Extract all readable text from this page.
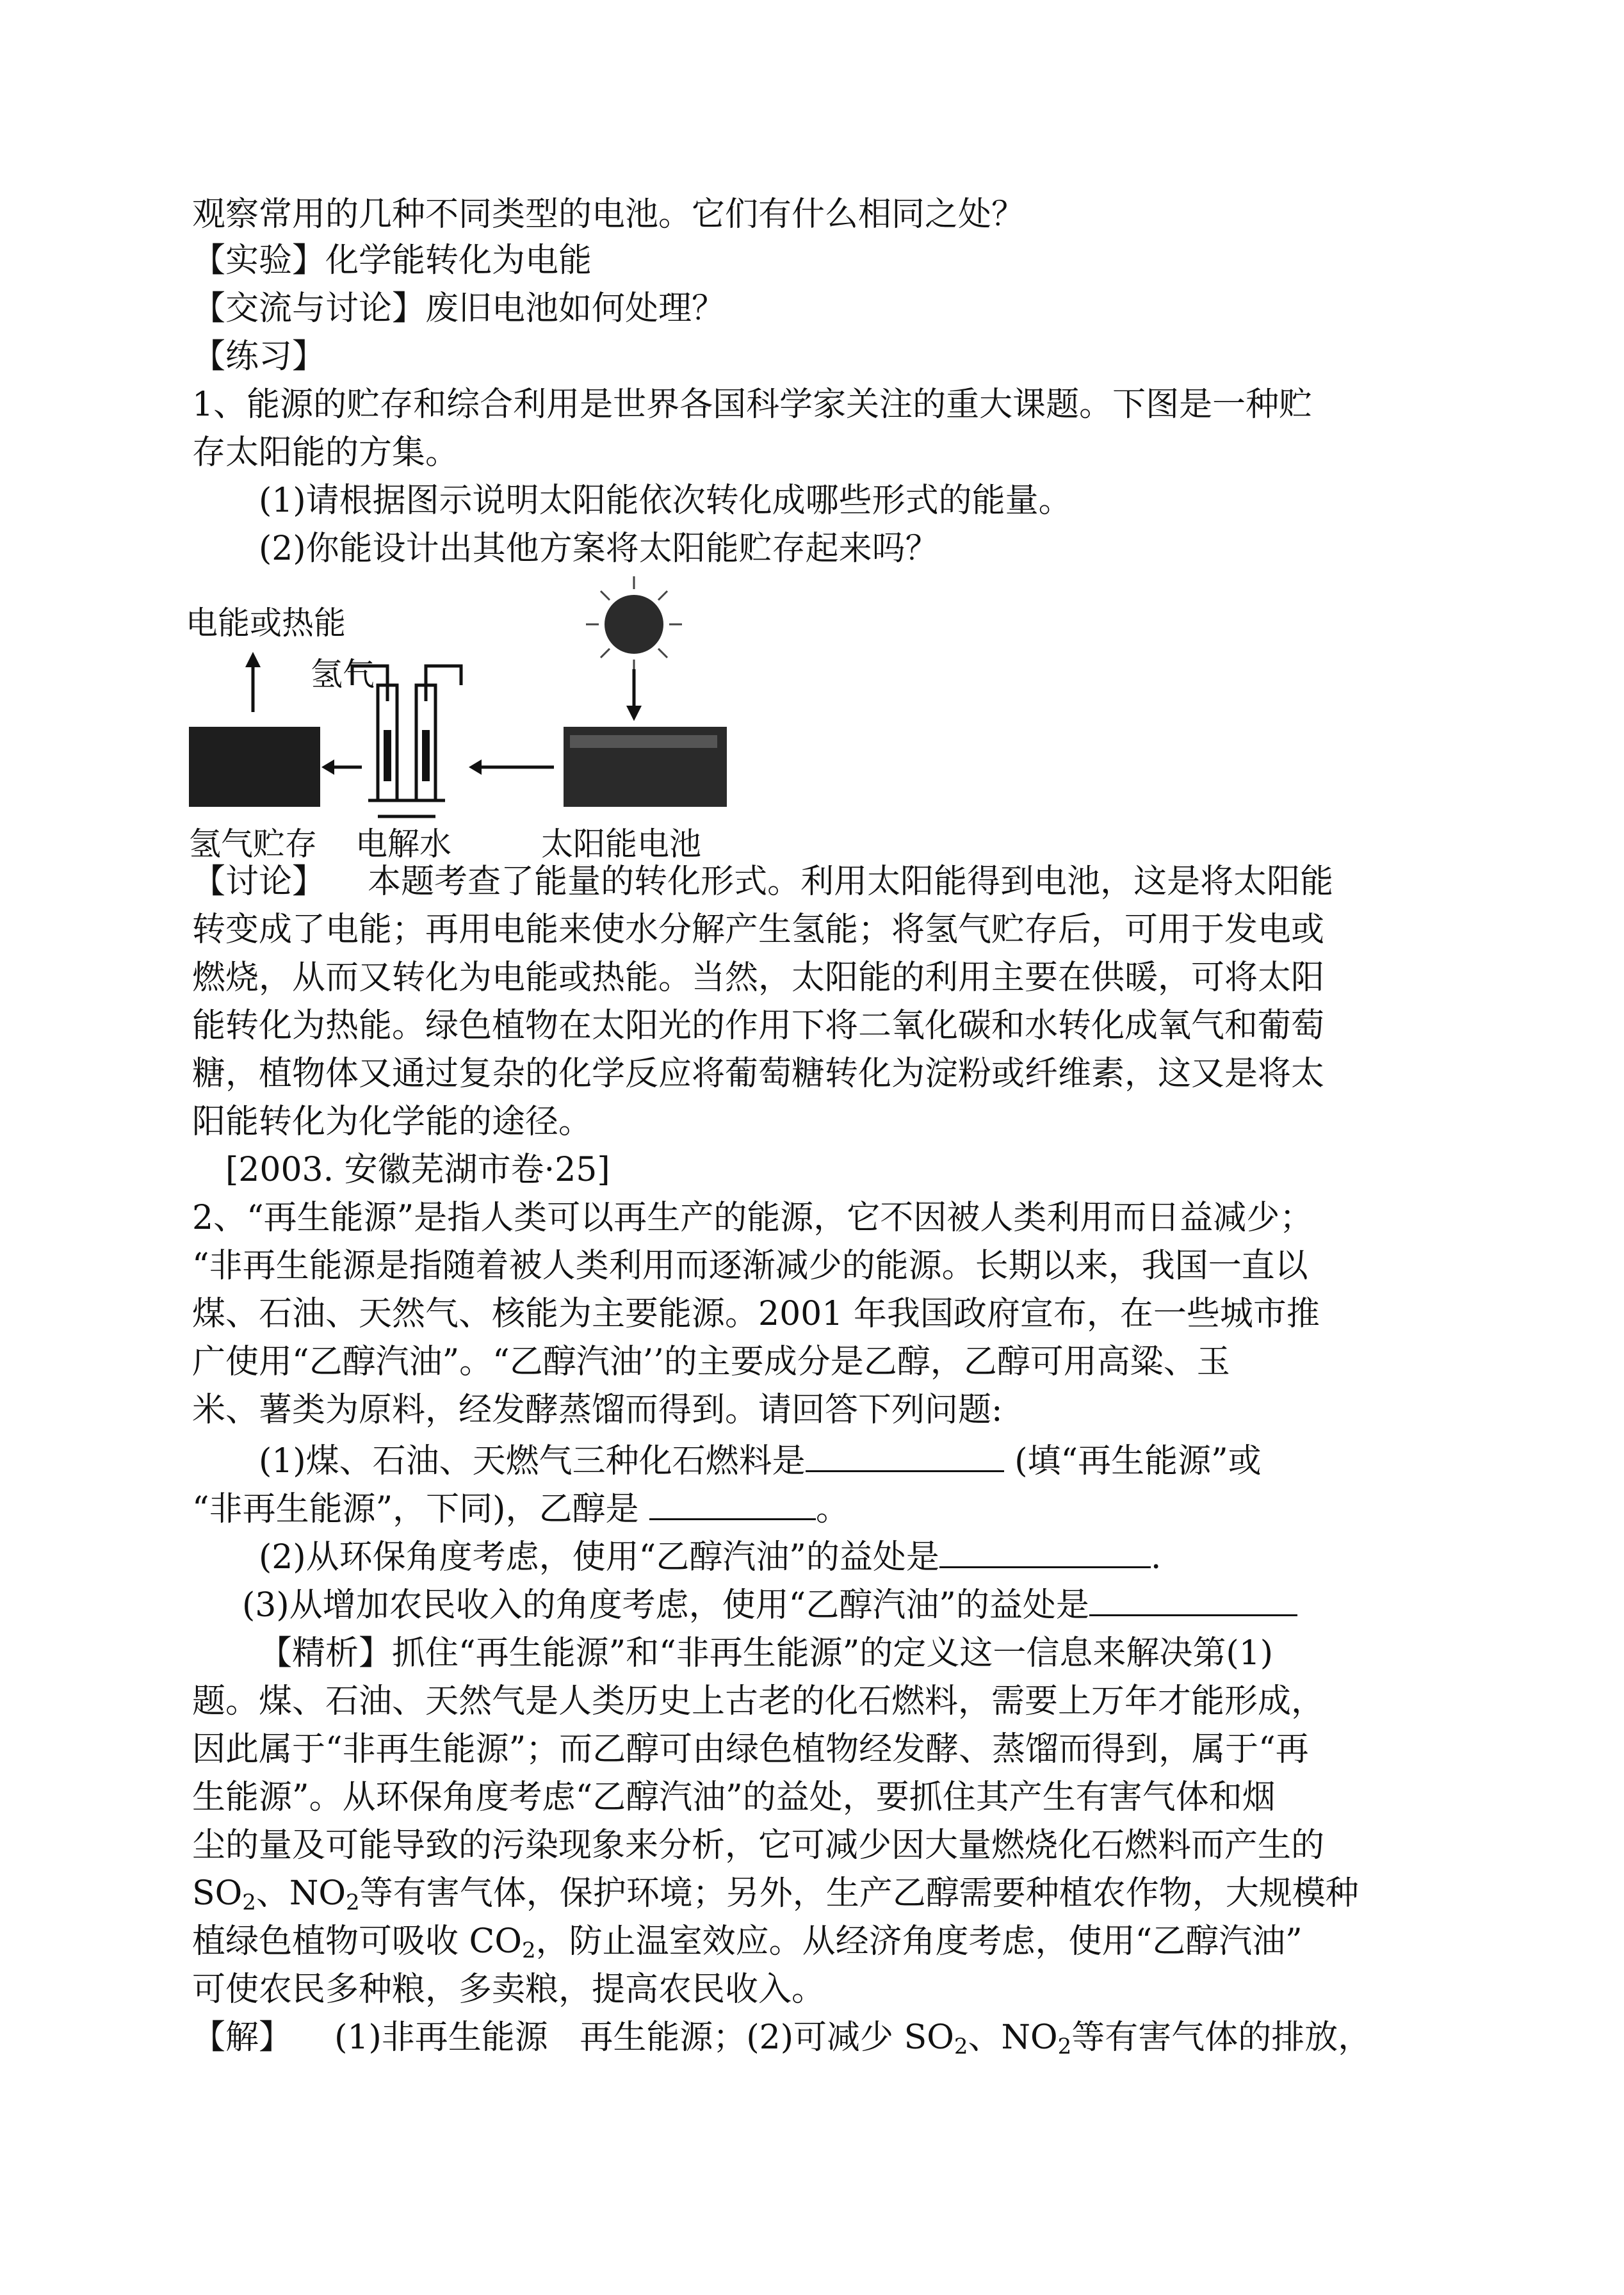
观察常用的几种不同类型的电池。它们有什么相同之处？
【实验】化学能转化为电能
【交流与讨论】废旧电池如何处理？
【练习】
1、能源的贮存和综合利用是世界各国科学家关注的重大课题。下图是一种贮
存太阳能的方集。
(1)请根据图示说明太阳能依次转化成哪些形式的能量。
(2)你能设计出其他方案将太阳能贮存起来吗？
电能或热能
氢气
氢气贮存 电解水	太阳能电池
【讨论】 本题考查了能量的转化形式。利用太阳能得到电池，这是将太阳能
转变成了电能；再用电能来使水分解产生氢能；将氢气贮存后，可用于发电或
燃烧，从而又转化为电能或热能。当然，太阳能的利用主要在供暖，可将太阳
能转化为热能。绿色植物在太阳光的作用下将二氧化碳和水转化成氧气和葡萄
糖，植物体又通过复杂的化学反应将葡萄糖转化为淀粉或纤维素，这又是将太
阳能转化为化学能的途径。
[2003. 安徽芜湖市卷·25]
2、“再生能源”是指人类可以再生产的能源，它不因被人类利用而日益减少；
“非再生能源是指随着被人类利用而逐渐减少的能源。长期以来，我国一直以
煤、石油、天然气、核能为主要能源。2001 年我国政府宣布，在一些城市推
广使用“乙醇汽油”。“乙醇汽油’’的主要成分是乙醇，乙醇可用高粱、玉
米、薯类为原料，经发酵蒸馏而得到。请回答下列问题:
(1)煤、石油、天燃气三种化石燃料是	(填“再生能源”或
“非再生能源”，下同)，乙醇是	。
(2)从环保角度考虑，使用“乙醇汽油”的益处是	.
(3)从增加农民收入的角度考虑，使用“乙醇汽油”的益处是
【精析】抓住“再生能源”和“非再生能源”的定义这一信息来解决第(1)
题。煤、石油、天然气是人类历史上古老的化石燃料，需要上万年才能形成，
因此属于“非再生能源”；而乙醇可由绿色植物经发酵、蒸馏而得到，属于“再
生能源”。从环保角度考虑“乙醇汽油”的益处，要抓住其产生有害气体和烟
尘的量及可能导致的污染现象来分析，它可减少因大量燃烧化石燃料而产生的
$SO_2$、$NO_2$等有害气体，保护环境；另外，生产乙醇需要种植农作物，大规模种
植绿色植物可吸收 $CO_2$，防止温室效应。从经济角度考虑，使用“乙醇汽油”
可使农民多种粮，多卖粮，提高农民收入。
【解】 (1)非再生能源   再生能源；(2)可减少 $SO_2$、$NO_2$等有害气体的排放，
